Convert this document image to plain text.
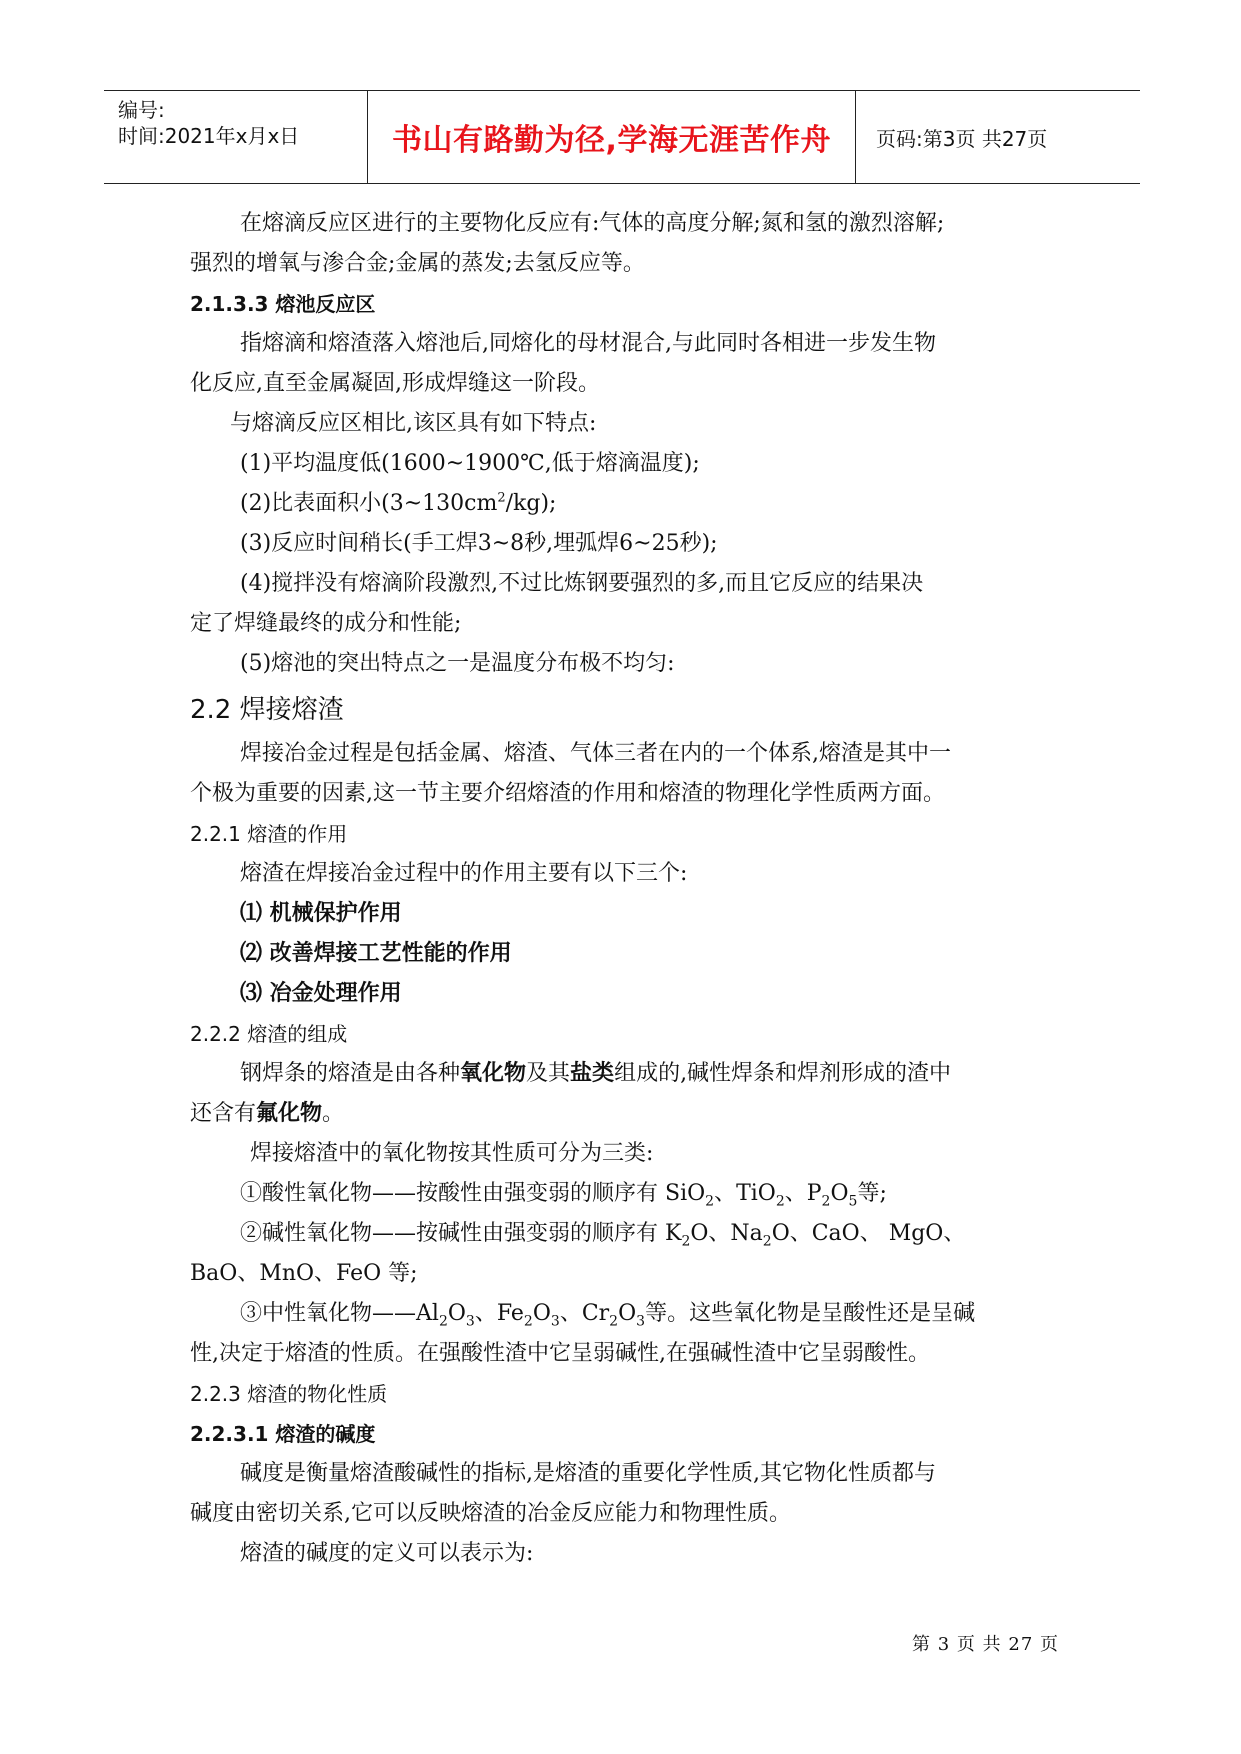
编号:
时间:2021年x月x日	书山有路勤为径,学海无涯苦作舟 页码:第3页 共27页

在熔滴反应区进行的主要物化反应有:气体的高度分解;氮和氢的激烈溶解;
强烈的增氧与渗合金;金属的蒸发;去氢反应等。

2.1.3.3 熔池反应区

指熔滴和熔渣落入熔池后,同熔化的母材混合,与此同时各相进一步发生物
化反应,直至金属凝固,形成焊缝这一阶段。

与熔滴反应区相比,该区具有如下特点:

(1)平均温度低(1600~1900℃,低于熔滴温度);

(2)比表面积小$(3\sim 130cm^2/kg)$;

(3)反应时间稍长(手工焊3~8秒,埋弧焊6~25秒);

(4)搅拌没有熔滴阶段激烈,不过比炼钢要强烈的多,而且它反应的结果决
定了焊缝最终的成分和性能;

(5)熔池的突出特点之一是温度分布极不均匀:

2.2 焊接熔渣

焊接冶金过程是包括金属、熔渣、气体三者在内的一个体系,熔渣是其中一
个极为重要的因素,这一节主要介绍熔渣的作用和熔渣的物理化学性质两方面。

2.2.1 熔渣的作用

熔渣在焊接冶金过程中的作用主要有以下三个:

⑴ 机械保护作用

⑵ 改善焊接工艺性能的作用

⑶ 冶金处理作用

2.2.2 熔渣的组成

钢焊条的熔渣是由各种氧化物及其盐类组成的,碱性焊条和焊剂形成的渣中
还含有氟化物。

焊接熔渣中的氧化物按其性质可分为三类:

①酸性氧化物——按酸性由强变弱的顺序有 SiO$_2$、TiO$_2$、$P_2O_5$等;

②碱性氧化物——按碱性由强变弱的顺序有 $K_2O$、$Na_2O$、CaO、 MgO、
BaO、MnO、FeO 等;

③中性氧化物$——Al_2O_3$、$Fe_2O_3$、$Cr_2O_3$等。这些氧化物是呈酸性还是呈碱
性,决定于熔渣的性质。在强酸性渣中它呈弱碱性,在强碱性渣中它呈弱酸性。

2.2.3 熔渣的物化性质

2.2.3.1 熔渣的碱度

碱度是衡量熔渣酸碱性的指标,是熔渣的重要化学性质,其它物化性质都与
碱度由密切关系,它可以反映熔渣的冶金反应能力和物理性质。

熔渣的碱度的定义可以表示为:

第 3 页 共 27 页
